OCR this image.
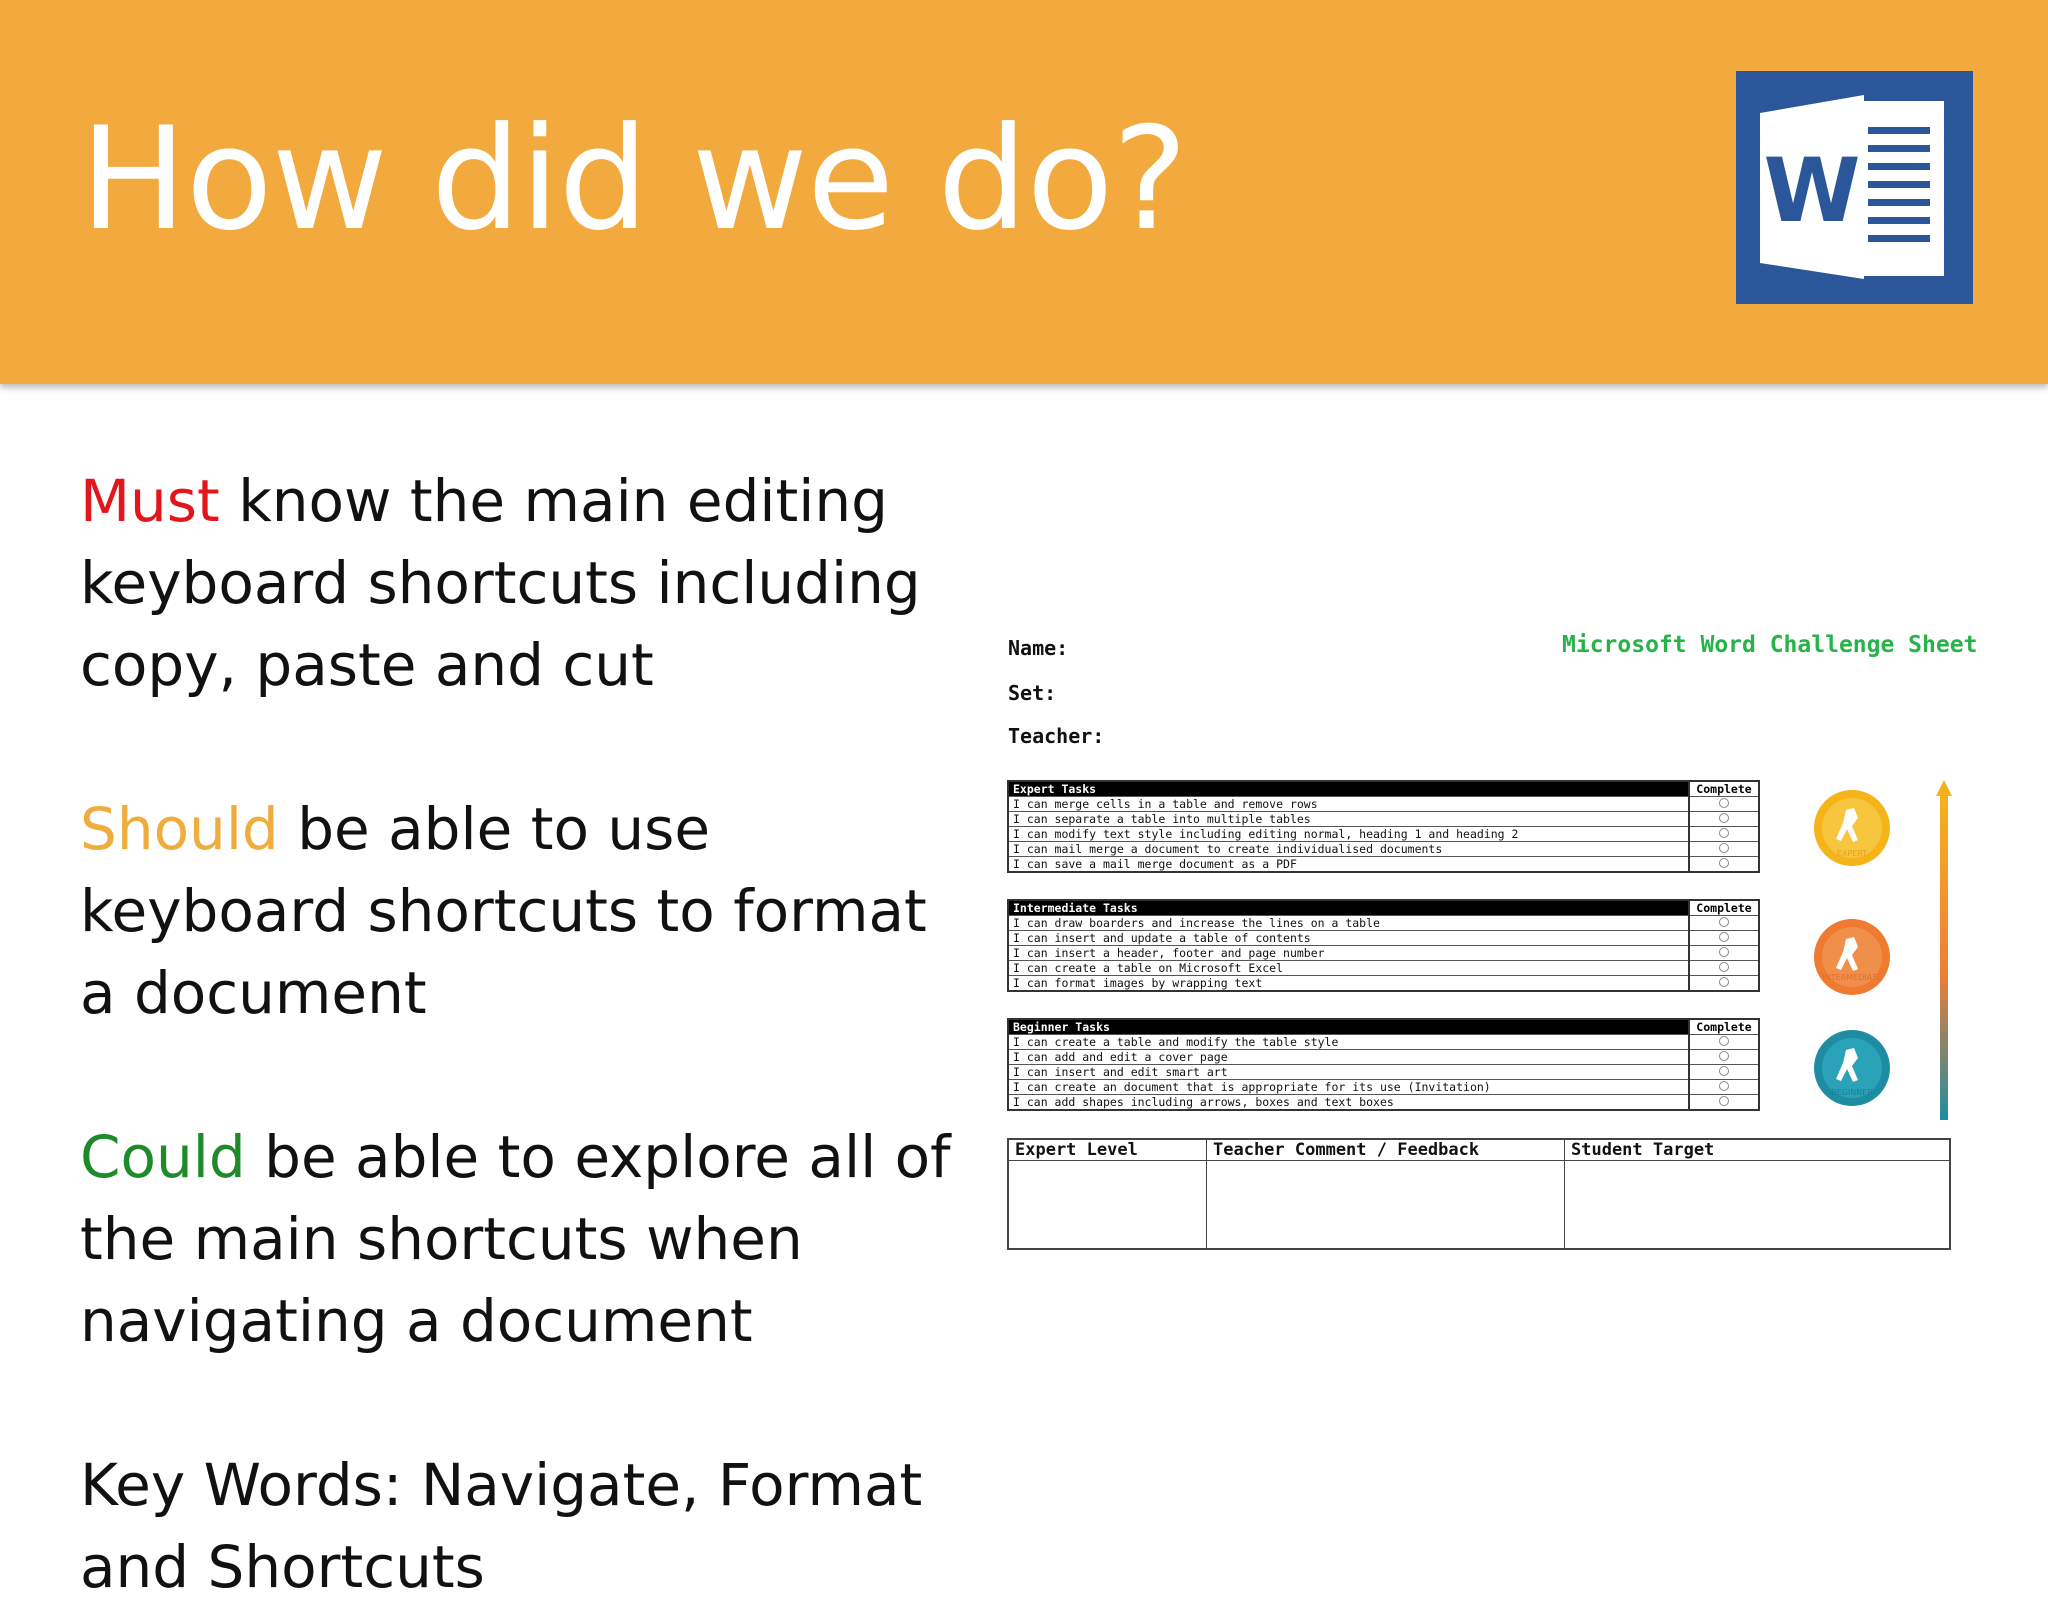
How did we do?	W

Must know the main editing keyboard shortcuts including copy, paste and cut

Should be able to use keyboard shortcuts to format a document

Could be able to explore all of the main shortcuts when navigating a document

Key Words: Navigate, Format and Shortcuts

Name:
Set:
Teacher:
Microsoft Word Challenge Sheet
Expert Tasks	Complete
I can merge cells in a table and remove rows	
I can separate a table into multiple tables	
I can modify text style including editing normal, heading 1 and heading 2	
I can mail merge a document to create individualised documents	
I can save a mail merge document as a PDF	
Intermediate Tasks	Complete
I can draw boarders and increase the lines on a table	
I can insert and update a table of contents	
I can insert a header, footer and page number	
I can create a table on Microsoft Excel	
I can format images by wrapping text	
Beginner Tasks	Complete
I can create a table and modify the table style	
I can add and edit a cover page	
I can insert and edit smart art	
I can create an document that is appropriate for its use (Invitation)	
I can add shapes including arrows, boxes and text boxes	
EXPERT
INTERMEDIATE
BEGINNER
Expert Level	Teacher Comment / Feedback	Student Target
